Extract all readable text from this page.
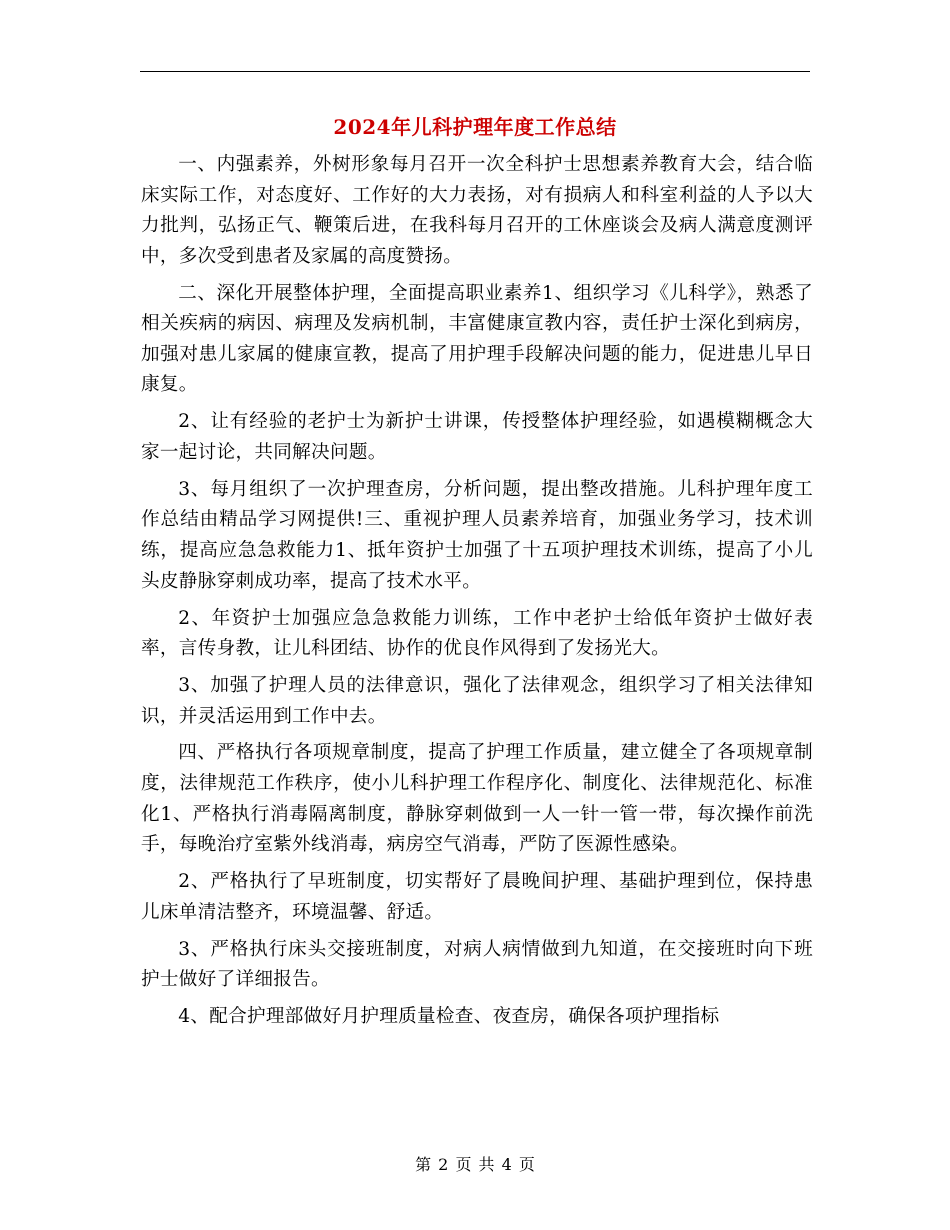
2024年儿科护理年度工作总结

一、内强素养，外树形象每月召开一次全科护士思想素养教育大会，结合临床实际工作，对态度好、工作好的大力表扬，对有损病人和科室利益的人予以大力批判，弘扬正气、鞭策后进，在我科每月召开的工休座谈会及病人满意度测评中，多次受到患者及家属的高度赞扬。

二、深化开展整体护理，全面提高职业素养1、组织学习《儿科学》，熟悉了相关疾病的病因、病理及发病机制，丰富健康宣教内容，责任护士深化到病房，加强对患儿家属的健康宣教，提高了用护理手段解决问题的能力，促进患儿早日康复。

2、让有经验的老护士为新护士讲课，传授整体护理经验，如遇模糊概念大家一起讨论，共同解决问题。

3、每月组织了一次护理查房，分析问题，提出整改措施。儿科护理年度工作总结由精品学习网提供!三、重视护理人员素养培育，加强业务学习，技术训练，提高应急急救能力1、抵年资护士加强了十五项护理技术训练，提高了小儿头皮静脉穿刺成功率，提高了技术水平。

2、年资护士加强应急急救能力训练，工作中老护士给低年资护士做好表率，言传身教，让儿科团结、协作的优良作风得到了发扬光大。

3、加强了护理人员的法律意识，强化了法律观念，组织学习了相关法律知识，并灵活运用到工作中去。

四、严格执行各项规章制度，提高了护理工作质量，建立健全了各项规章制度，法律规范工作秩序，使小儿科护理工作程序化、制度化、法律规范化、标准化1、严格执行消毒隔离制度，静脉穿刺做到一人一针一管一带，每次操作前洗手，每晚治疗室紫外线消毒，病房空气消毒，严防了医源性感染。

2、严格执行了早班制度，切实帮好了晨晚间护理、基础护理到位，保持患儿床单清洁整齐，环境温馨、舒适。

3、严格执行床头交接班制度，对病人病情做到九知道，在交接班时向下班护士做好了详细报告。

4、配合护理部做好月护理质量检查、夜查房，确保各项护理指标

第 2 页 共 4 页
